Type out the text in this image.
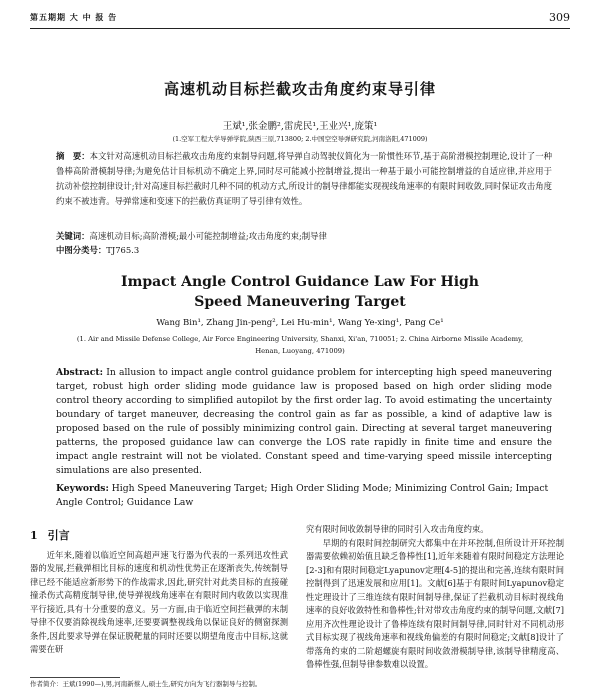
第五期期 大 中 报 告	309
高速机动目标拦截攻击角度约束导引律
王斌¹,张金鹏²,雷虎民¹,王业兴¹,庞策¹
(1.空军工程大学导弹学院,陕西三原,713800; 2.中国空空导弹研究院,河南洛阳,471009)
摘　要：本文针对高速机动目标拦截攻击角度约束制导问题,将导弹自动驾驶仪简化为一阶惯性环节,基于高阶滑模控制理论,设计了一种鲁棒高阶滑模制导律;为避免估计目标机动不确定上界,同时尽可能减小控制增益,提出一种基于最小可能控制增益的自适应律,并应用于抗动补偿控制律设计;针对高速目标拦截时几种不同的机动方式,所设计的制导律都能实现视线角速率的有限时间收敛,同时保证攻击角度约束不被违背。导弹常速和变速下的拦截仿真证明了导引律有效性。
关键词：高速机动目标;高阶滑模;最小可能控制增益;攻击角度约束;制导律
中图分类号：TJ765.3
Impact Angle Control Guidance Law For High
Speed Maneuvering Target
Wang Bin¹, Zhang Jin-peng², Lei Hu-min¹, Wang Ye-xing¹, Pang Ce¹
(1. Air and Missile Defense College, Air Force Engineering University, Shanxi, Xi'an, 710051; 2. China Airborne Missile Academy,
Henan, Luoyang, 471009)
Abstract: In allusion to impact angle control guidance problem for intercepting high speed maneuvering target, robust high order sliding mode guidance law is proposed based on high order sliding mode control theory according to simplified autopilot by the first order lag. To avoid estimating the uncertainty boundary of target maneuver, decreasing the control gain as far as possible, a kind of adaptive law is proposed based on the rule of possibly minimizing control gain. Directing at several target maneuvering patterns, the proposed guidance law can converge the LOS rate rapidly in finite time and ensure the impact angle restraint will not be violated. Constant speed and time-varying speed missile intercepting simulations are also presented.
Keywords: High Speed Maneuvering Target; High Order Sliding Mode; Minimizing Control Gain; Impact Angle Control; Guidance Law
1 引言

近年来,随着以临近空间高超声速飞行器为代表的一系列迅攻性武器的发展,拦截弹相比目标的速度和机动性优势正在逐渐丧失,传统制导律已经不能适应新形势下的作战需求,因此,研究针对此类目标的直接碰撞杀伤式高精度制导律,使导弹视线角速率在有限时间内收敛以实现准平行接近,具有十分重要的意义。另一方面,由于临近空间拦截弹的末制导律不仅要消除视线角速率,还要要调整视线角以保证良好的侧窗探测条件,因此要求导弹在保证脱靶量的同时还要以期望角度击中目标,这就需要在研

究有限时间收敛制导律的同时引入攻击角度约束。

早期的有限时间控制研究大都集中在并环控制,但所设计开环控制器需要依赖初始值且缺乏鲁棒性[1],近年来随着有限时间稳定方法理论[2-3]和有限时间稳定Lyapunov定理[4-5]的提出和完善,连续有限时间控制得到了迅速发展和应用[1]。文献[6]基于有限时间Lyapunov稳定性定理设计了三维连续有限时间制导律,保证了拦截机动目标时视线角速率的良好收敛特性和鲁棒性;针对带攻击角度约束的制导问题,文献[7]应用齐次性理论设计了鲁棒连续有限时间制导律,同时针对不同机动形式目标实现了视线角速率和视线角偏差的有限时间稳定;文献[8]设计了带落角约束的二阶超螺旋有限时间收敛滑模制导律,该制导律精度高、鲁棒性强,但制导律参数难以设置。

作者简介：王斌(1990—),男,河南新蔡人,硕士生,研究方向为飞行器制导与控制。
